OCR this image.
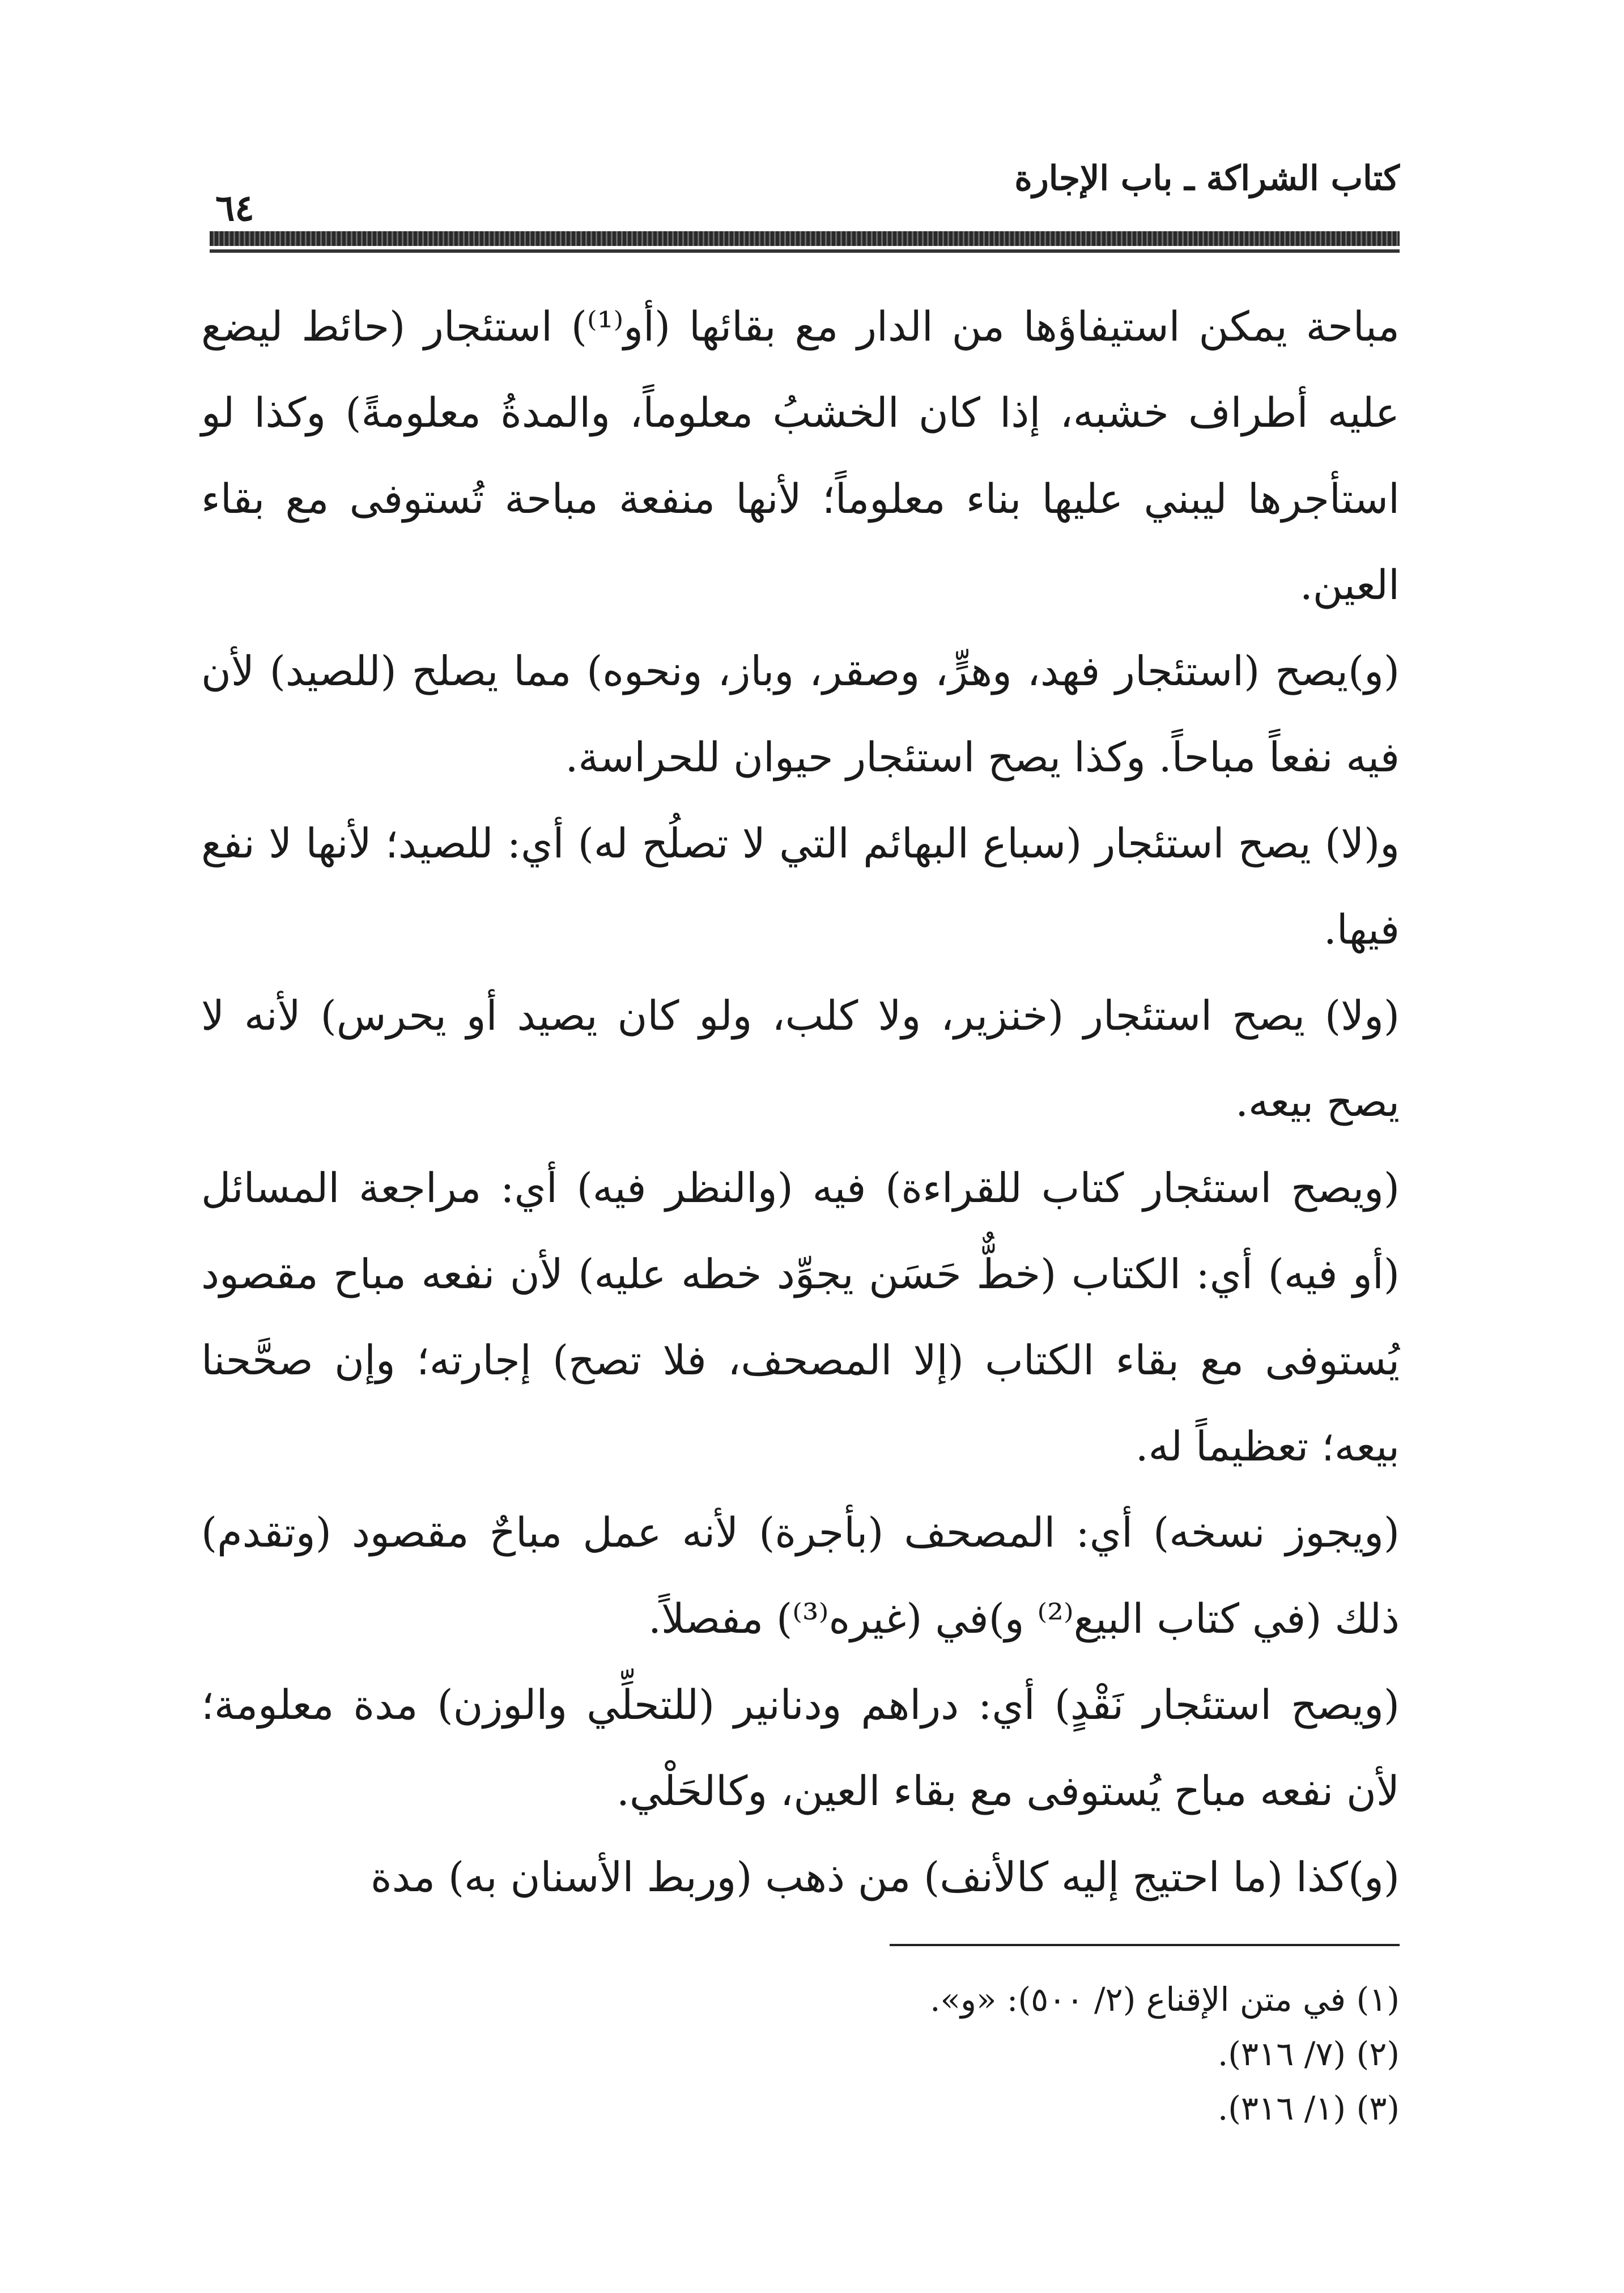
كتاب الشراكة ـ باب الإجارة
٦٤

مباحة يمكن استيفاؤها من الدار مع بقائها (أو⁽¹⁾) استئجار (حائط ليضع عليه أطراف خشبه، إذا كان الخشبُ معلوماً، والمدةُ معلومةً) وكذا لو استأجرها ليبني عليها بناء معلوماً؛ لأنها منفعة مباحة تُستوفى مع بقاء العين.

(و)يصح (استئجار فهد، وهرٍّ، وصقر، وباز، ونحوه) مما يصلح (للصيد) لأن فيه نفعاً مباحاً. وكذا يصح استئجار حيوان للحراسة.

و(لا) يصح استئجار (سباع البهائم التي لا تصلُح له) أي: للصيد؛ لأنها لا نفع فيها.

(ولا) يصح استئجار (خنزير، ولا كلب، ولو كان يصيد أو يحرس) لأنه لا يصح بيعه.

(ويصح استئجار كتاب للقراءة) فيه (والنظر فيه) أي: مراجعة المسائل (أو فيه) أي: الكتاب (خطٌّ حَسَن يجوِّد خطه عليه) لأن نفعه مباح مقصود يُستوفى مع بقاء الكتاب (إلا المصحف، فلا تصح) إجارته؛ وإن صحَّحنا بيعه؛ تعظيماً له.

(ويجوز نسخه) أي: المصحف (بأجرة) لأنه عمل مباحٌ مقصود (وتقدم) ذلك (في كتاب البيع⁽²⁾ و)في (غيره⁽³⁾) مفصلاً.

(ويصح استئجار نَقْدٍ) أي: دراهم ودنانير (للتحلِّي والوزن) مدة معلومة؛ لأن نفعه مباح يُستوفى مع بقاء العين، وكالحَلْي.

(و)كذا (ما احتيج إليه كالأنف) من ذهب (وربط الأسنان به) مدة

(١) في متن الإقناع (٢/ ٥٠٠): «و».

(٢) (٧/ ٣١٦).

(٣) (١/ ٣١٦).
